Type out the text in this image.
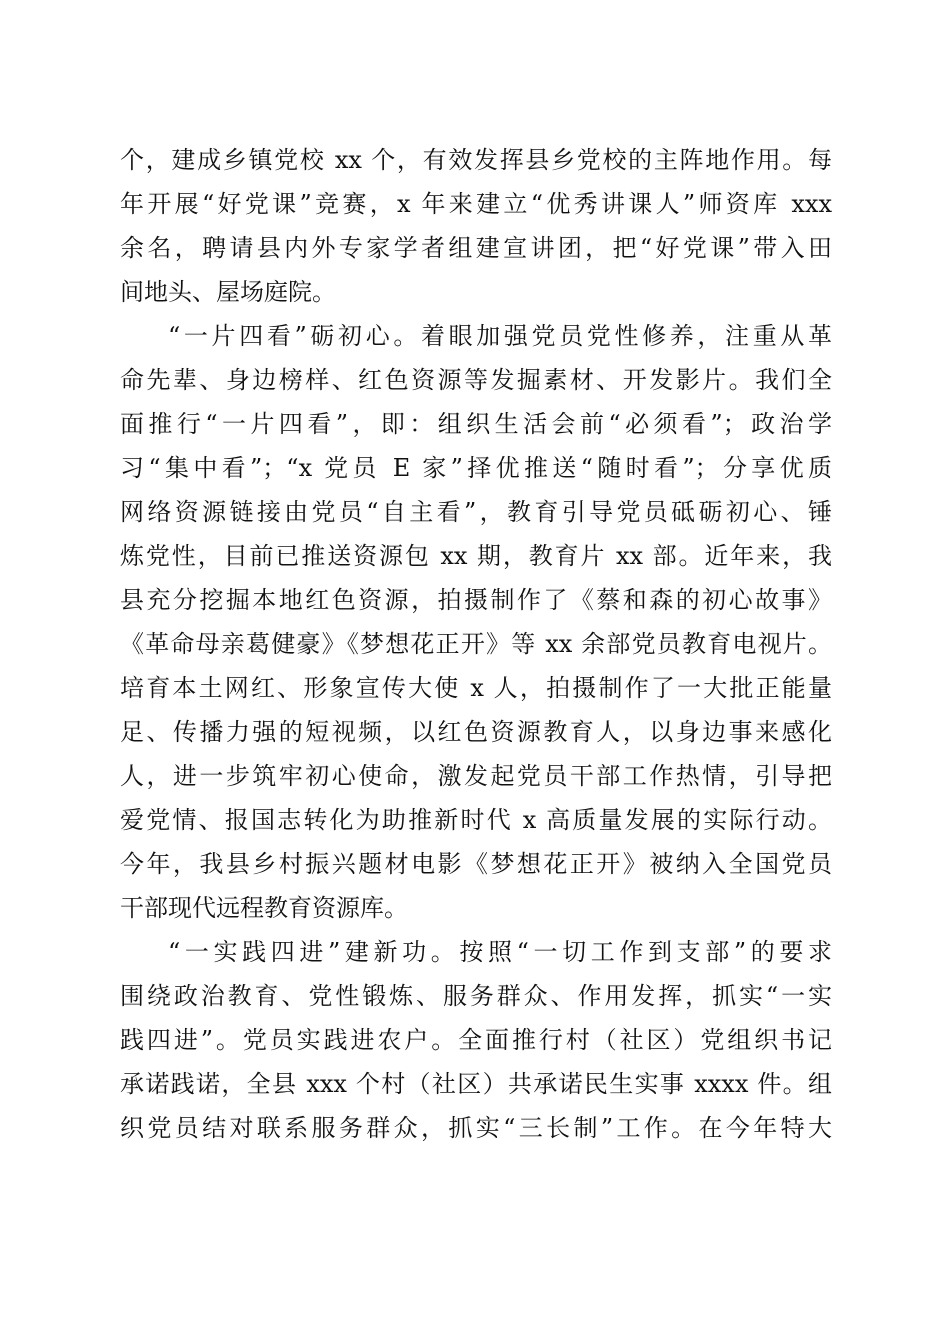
个，建成乡镇党校 xx 个，有效发挥县乡党校的主阵地作用。每
年开展“好党课”竞赛，x 年来建立“优秀讲课人”师资库 xxx
余名，聘请县内外专家学者组建宣讲团，把“好党课”带入田
间地头、屋场庭院。
“一片四看”砺初心。着眼加强党员党性修养，注重从革
命先辈、身边榜样、红色资源等发掘素材、开发影片。我们全
面推行“一片四看”，即：组织生活会前“必须看”；政治学
习“集中看”；“x 党员 E 家”择优推送“随时看”；分享优质
网络资源链接由党员“自主看”，教育引导党员砥砺初心、锤
炼党性，目前已推送资源包 xx 期，教育片 xx 部。近年来，我
县充分挖掘本地红色资源，拍摄制作了《蔡和森的初心故事》
《革命母亲葛健豪》《梦想花正开》等 xx 余部党员教育电视片。
培育本土网红、形象宣传大使 x 人，拍摄制作了一大批正能量
足、传播力强的短视频，以红色资源教育人，以身边事来感化
人，进一步筑牢初心使命，激发起党员干部工作热情，引导把
爱党情、报国志转化为助推新时代 x 高质量发展的实际行动。
今年，我县乡村振兴题材电影《梦想花正开》被纳入全国党员
干部现代远程教育资源库。
“一实践四进”建新功。按照“一切工作到支部”的要求
围绕政治教育、党性锻炼、服务群众、作用发挥，抓实“一实
践四进”。党员实践进农户。全面推行村（社区）党组织书记
承诺践诺，全县 xxx 个村（社区）共承诺民生实事 xxxx 件。组
织党员结对联系服务群众，抓实“三长制”工作。在今年特大
